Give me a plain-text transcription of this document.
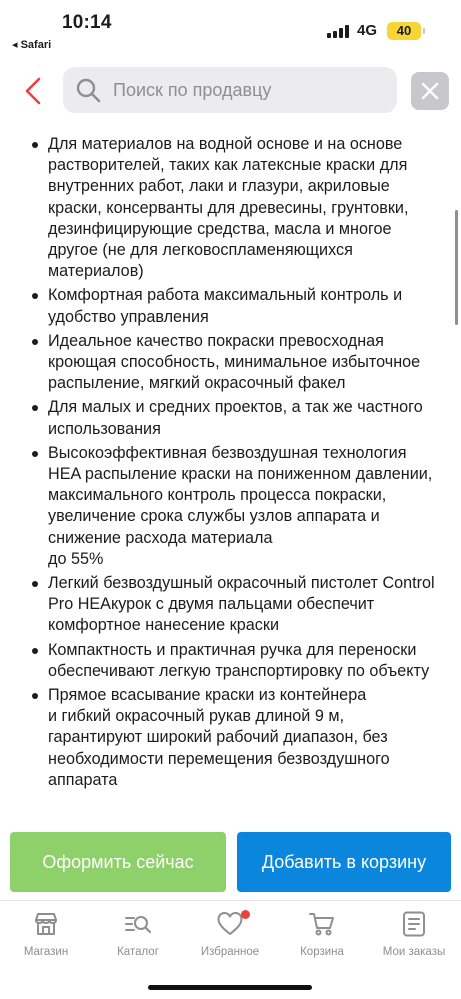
10:14
◂ Safari
4G	40
Поиск по продавцу
Для материалов на водной основе и на основе растворителей, таких как латексные краски для внутренних работ, лаки и глазури, акриловые краски, консерванты для древесины, грунтовки, дезинфицирующие средства, масла и многое другое (не для легковоспламеняющихся материалов)
Комфортная работа максимальный контроль и удобство управления
Идеальное качество покраски превосходная кроющая способность, минимальное избыточное распыление, мягкий окрасочный факел
Для малых и средних проектов, а так же частного использования
Высокоэффективная безвоздушная технология HEA распыление краски на пониженном давлении, максимального контроль процесса покраски, увеличение срока службы узлов аппарата и снижение расхода материала
до 55%
Легкий безвоздушный окрасочный пистолет Control Pro HEAкурок с двумя пальцами обеспечит комфортное нанесение краски
Компактность и практичная ручка для переноски обеспечивают легкую транспортировку по объекту
Прямое всасывание краски из контейнера
и гибкий окрасочный рукав длиной 9 м, гарантируют широкий рабочий диапазон, без необходимости перемещения безвоздушного аппарата
Оформить сейчас	Добавить в корзину
Магазин	Каталог	Избранное	Корзина	Мои заказы
